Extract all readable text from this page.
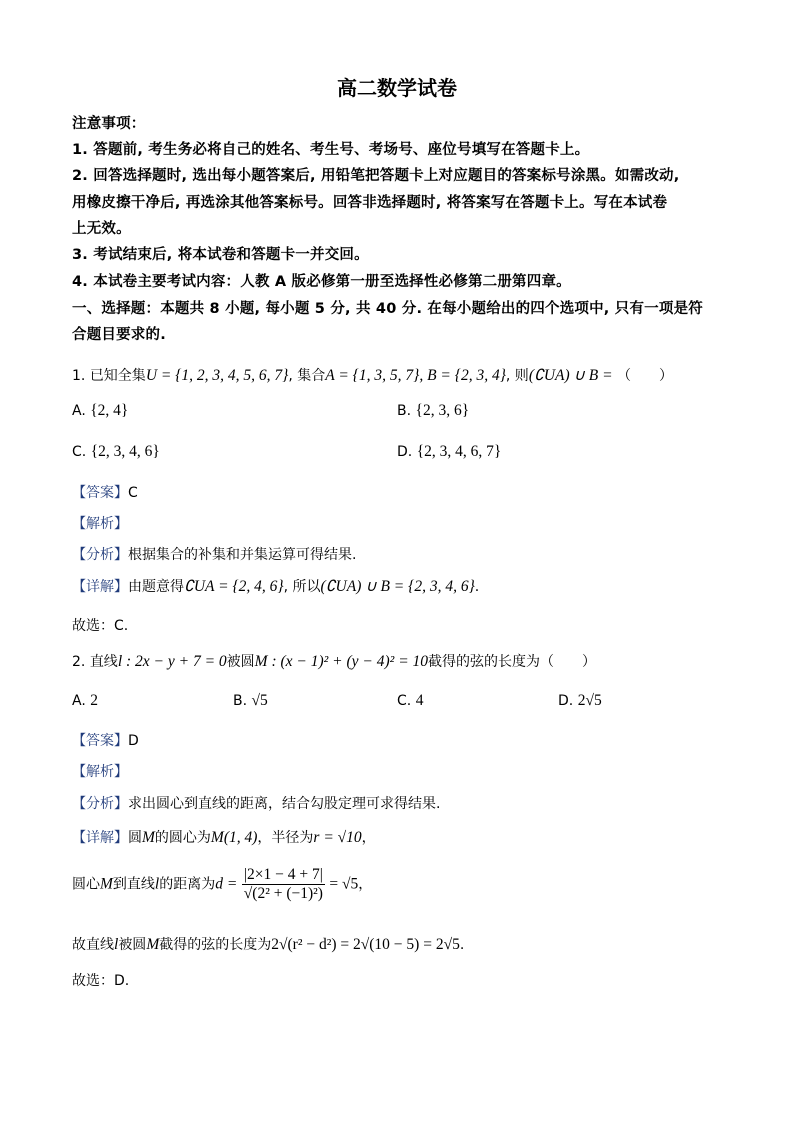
高二数学试卷
注意事项：
1. 答题前, 考生务必将自己的姓名、考生号、考场号、座位号填写在答题卡上。
2. 回答选择题时, 选出每小题答案后, 用铅笔把答题卡上对应题目的答案标号涂黑。如需改动,
用橡皮擦干净后, 再选涂其他答案标号。回答非选择题时, 将答案写在答题卡上。写在本试卷
上无效。
3. 考试结束后, 将本试卷和答题卡一并交回。
4. 本试卷主要考试内容：人教 A 版必修第一册至选择性必修第二册第四章。
一、选择题：本题共 8 小题, 每小题 5 分, 共 40 分. 在每小题给出的四个选项中, 只有一项是符
合题目要求的.
1. 已知全集U = {1, 2, 3, 4, 5, 6, 7}, 集合A = {1, 3, 5, 7}, B = {2, 3, 4}, 则(∁UA) ∪ B = （　　）
A. {2, 4}	B. {2, 3, 6}
C. {2, 3, 4, 6}	D. {2, 3, 4, 6, 7}
【答案】C
【解析】
【分析】根据集合的补集和并集运算可得结果.
【详解】由题意得∁UA = {2, 4, 6}, 所以(∁UA) ∪ B = {2, 3, 4, 6}.
故选：C.
2. 直线l : 2x − y + 7 = 0被圆M : (x − 1)² + (y − 4)² = 10截得的弦的长度为（　　）
A. 2	B. √5	C. 4	D. 2√5
【答案】D
【解析】
【分析】求出圆心到直线的距离，结合勾股定理可求得结果.
【详解】圆M的圆心为M(1, 4)，半径为r = √10，
圆心M到直线l的距离为$d = \frac{|2\times 1 - 4 + 7|}{\text{√(2² + (−1)²)}} = √5$，
故直线l被圆M截得的弦的长度为2√(r² − d²) = 2√(10 − 5) = 2√5.
故选：D.
